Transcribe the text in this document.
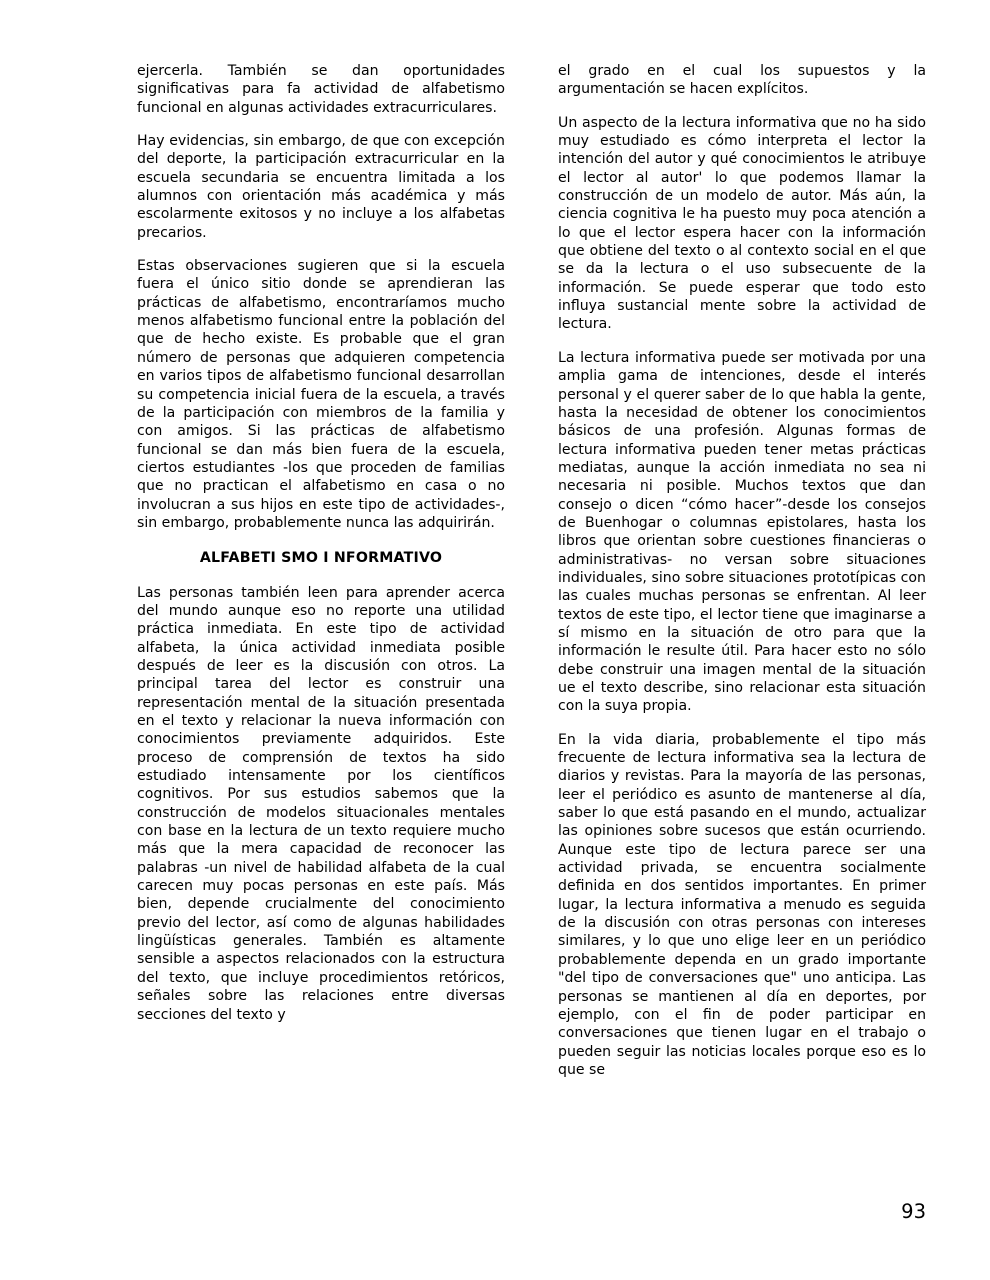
ejercerla. También se dan oportunidades significativas para fa actividad de alfabetismo funcional en algunas actividades extracurriculares.

Hay evidencias, sin embargo, de que con excepción del deporte, la participación extracurricular en la escuela secundaria se encuentra limitada a los alumnos con orientación más académica y más escolarmente exitosos y no incluye a los alfabetas precarios.

Estas observaciones sugieren que si la escuela fuera el único sitio donde se aprendieran las prácticas de alfabetismo, encontraríamos mucho menos alfabetismo funcional entre la población del que de hecho existe. Es probable que el gran número de personas que adquieren competencia en varios tipos de alfabetismo funcional desarrollan su competencia inicial fuera de la escuela, a través de la participación con miembros de la familia y con amigos. Si las prácticas de alfabetismo funcional se dan más bien fuera de la escuela, ciertos estudiantes -los que proceden de familias que no practican el alfabetismo en casa o no involucran a sus hijos en este tipo de actividades-, sin embargo, probablemente nunca las adquirirán.

ALFABETI SMO I NFORMATIVO

Las personas también leen para aprender acerca del mundo aunque eso no reporte una utilidad práctica inmediata. En este tipo de actividad alfabeta, la única actividad inmediata posible después de leer es la discusión con otros. La principal tarea del lector es construir una representación mental de la situación presentada en el texto y relacionar la nueva información con conocimientos previamente adquiridos. Este proceso de comprensión de textos ha sido estudiado intensamente por los científicos cognitivos. Por sus estudios sabemos que la construcción de modelos situacionales mentales con base en la lectura de un texto requiere mucho más que la mera capacidad de reconocer las palabras -un nivel de habilidad alfabeta de la cual carecen muy pocas personas en este país. Más bien, depende crucialmente del conocimiento previo del lector, así como de algunas habilidades lingüísticas generales. También es altamente sensible a aspectos relacionados con la estructura del texto, que incluye procedimientos retóricos, señales sobre las relaciones entre diversas secciones del texto y

el grado en el cual los supuestos y la argumentación se hacen explícitos.

Un aspecto de la lectura informativa que no ha sido muy estudiado es cómo interpreta el lector la intención del autor y qué conocimientos le atribuye el lector al autor' lo que podemos llamar la construcción de un modelo de autor. Más aún, la ciencia cognitiva le ha puesto muy poca atención a lo que el lector espera hacer con la información que obtiene del texto o al contexto social en el que se da la lectura o el uso subsecuente de la información. Se puede esperar que todo esto influya sustancial mente sobre la actividad de lectura.

La lectura informativa puede ser motivada por una amplia gama de intenciones, desde el interés personal y el querer saber de lo que habla la gente, hasta la necesidad de obtener los conocimientos básicos de una profesión. Algunas formas de lectura informativa pueden tener metas prácticas mediatas, aunque la acción inmediata no sea ni necesaria ni posible. Muchos textos que dan consejo o dicen “cómo hacer”-desde los consejos de Buenhogar o columnas epistolares, hasta los libros que orientan sobre cuestiones financieras o administrativas- no versan sobre situaciones individuales, sino sobre situaciones prototípicas con las cuales muchas personas se enfrentan. Al leer textos de este tipo, el lector tiene que imaginarse a sí mismo en la situación de otro para que la información le resulte útil. Para hacer esto no sólo debe construir una imagen mental de la situación ue el texto describe, sino relacionar esta situación con la suya propia.

En la vida diaria, probablemente el tipo más frecuente de lectura informativa sea la lectura de diarios y revistas. Para la mayoría de las personas, leer el periódico es asunto de mantenerse al día, saber lo que está pasando en el mundo, actualizar las opiniones sobre sucesos que están ocurriendo. Aunque este tipo de lectura parece ser una actividad privada, se encuentra socialmente definida en dos sentidos importantes. En primer lugar, la lectura informativa a menudo es seguida de la discusión con otras personas con intereses similares, y lo que uno elige leer en un periódico probablemente dependa en un grado importante "del tipo de conversaciones que" uno anticipa. Las personas se mantienen al día en deportes, por ejemplo, con el fin de poder participar en conversaciones que tienen lugar en el trabajo o pueden seguir las noticias locales porque eso es lo que se

93
